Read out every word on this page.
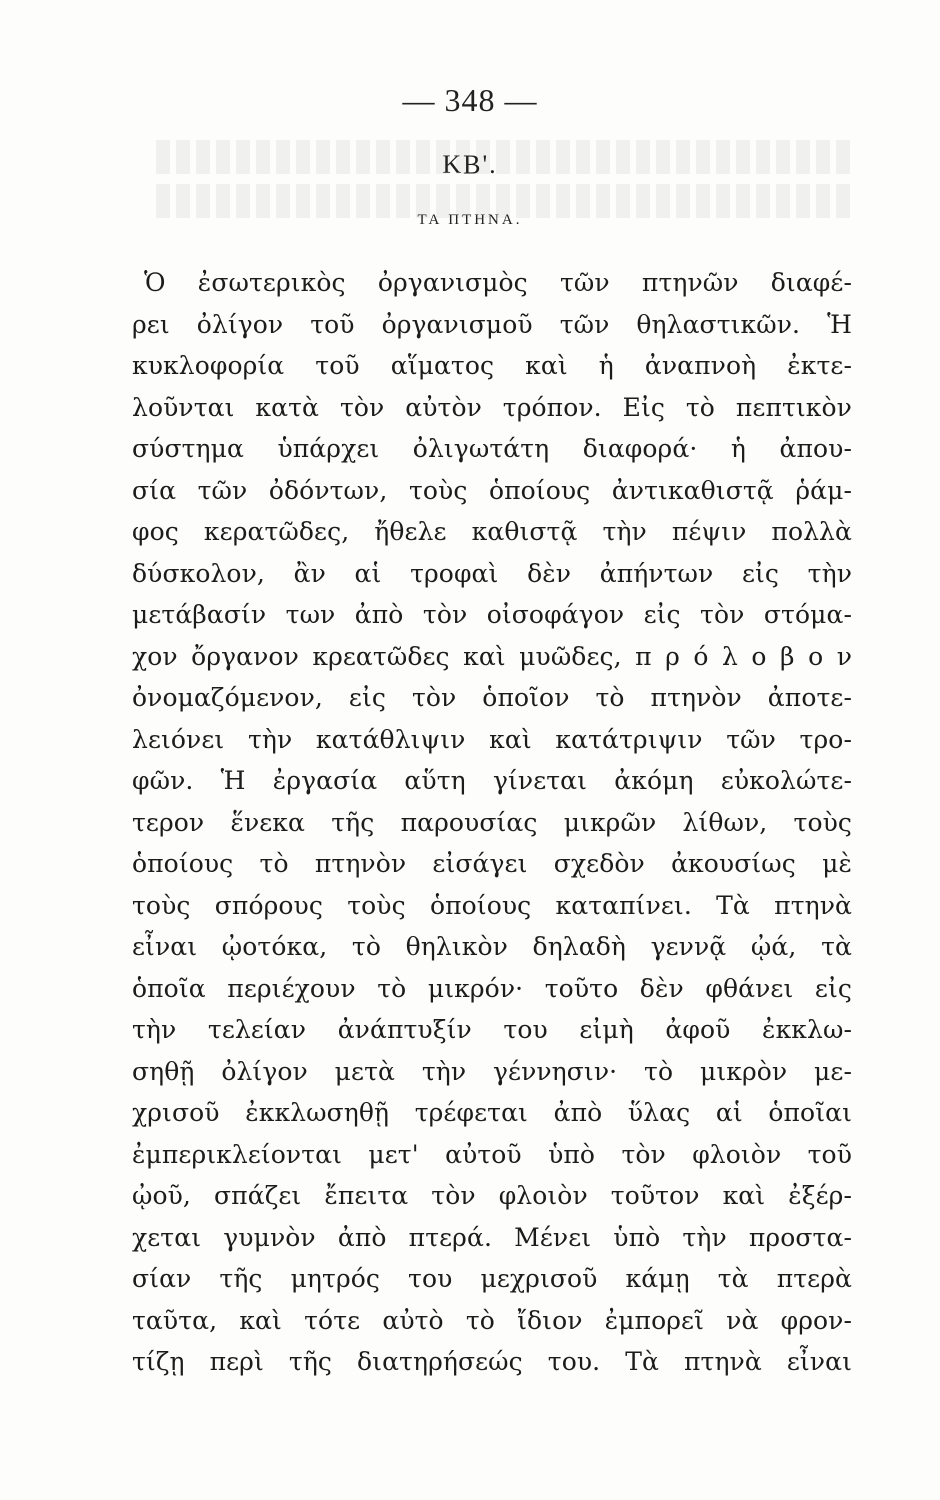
— 348 —
ΚΒ'.
ΤΑ ΠΤΗΝΑ.
Ὁ ἐσωτερικὸς ὀργανισμὸς τῶν πτηνῶν διαφέ-
ρει ὀλίγον τοῦ ὀργανισμοῦ τῶν θηλαστικῶν. Ἡ
κυκλοφορία τοῦ αἵματος καὶ ἡ ἀναπνοὴ ἐκτε-
λοῦνται κατὰ τὸν αὐτὸν τρόπον. Εἰς τὸ πεπτικὸν
σύστημα ὑπάρχει ὀλιγωτάτη διαφορά· ἡ ἀπου-
σία τῶν ὀδόντων, τοὺς ὁποίους ἀντικαθιστᾷ ῥάμ-
φος κερατῶδες, ἤθελε καθιστᾷ τὴν πέψιν πολλὰ
δύσκολον, ἂν αἱ τροφαὶ δὲν ἀπήντων εἰς τὴν
μετάβασίν των ἀπὸ τὸν οἰσοφάγον εἰς τὸν στόμα-
χον ὄργανον κρεατῶδες καὶ μυῶδες, π ρ ό λ ο β ο ν
ὀνομαζόμενον, εἰς τὸν ὁποῖον τὸ πτηνὸν ἀποτε-
λειόνει τὴν κατάθλιψιν καὶ κατάτριψιν τῶν τρο-
φῶν. Ἡ ἐργασία αὕτη γίνεται ἀκόμη εὐκολώτε-
τερον ἕνεκα τῆς παρουσίας μικρῶν λίθων, τοὺς
ὁποίους τὸ πτηνὸν εἰσάγει σχεδὸν ἀκουσίως μὲ
τοὺς σπόρους τοὺς ὁποίους καταπίνει. Τὰ πτηνὰ
εἶναι ᾠοτόκα, τὸ θηλικὸν δηλαδὴ γεννᾷ ᾠά, τὰ
ὁποῖα περιέχουν τὸ μικρόν· τοῦτο δὲν φθάνει εἰς
τὴν τελείαν ἀνάπτυξίν του εἰμὴ ἀφοῦ ἐκκλω-
σηθῇ ὀλίγον μετὰ τὴν γέννησιν· τὸ μικρὸν με-
χρισοῦ ἐκκλωσηθῇ τρέφεται ἀπὸ ὕλας αἱ ὁποῖαι
ἐμπερικλείονται μετ' αὐτοῦ ὑπὸ τὸν φλοιὸν τοῦ
ᾠοῦ, σπάζει ἔπειτα τὸν φλοιὸν τοῦτον καὶ ἐξέρ-
χεται γυμνὸν ἀπὸ πτερά. Μένει ὑπὸ τὴν προστα-
σίαν τῆς μητρός του μεχρισοῦ κάμῃ τὰ πτερὰ
ταῦτα, καὶ τότε αὐτὸ τὸ ἴδιον ἐμπορεῖ νὰ φρον-
τίζῃ περὶ τῆς διατηρήσεώς του. Τὰ πτηνὰ εἶναι
